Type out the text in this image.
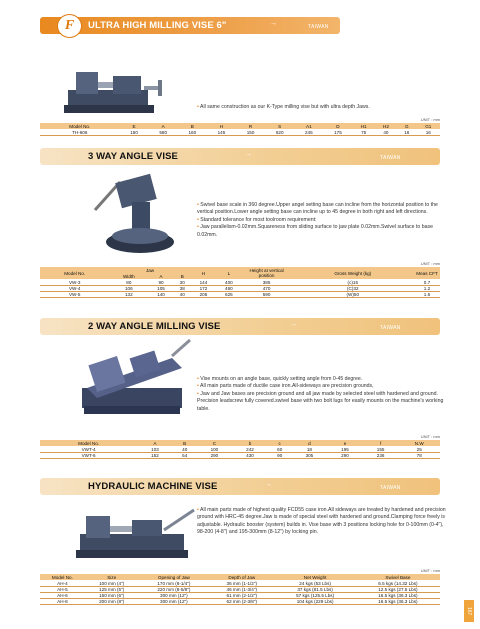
ULTRA HIGH MILLING VISE 6"	→	TAIWAN
F

• All same construction as our K-Type milling vise but with ultra depth Jaws.

UNIT : mm
Model No.	E	A	B	H	R	S	A1	D	H1	H2	G	G1
TH-606	150	580	160	145	150	620	245	175	75	40	16	16
3 WAY ANGLE VISE	→	TAIWAN

• Swivel base scale in 360 degree.Upper angel setting base can incline from the horizontal position to the vertical position.Lower angle setting base can incline up to 45 degree in both right and left directions.

• Standard tolerance for most toolroom requirement:

• Jaw parallelism-0.02mm.Squareness from sliding surface to jaw plate 0.02mm.Swivel surface to base 0.02mm.

UNIT : mm
Model No.	Jaw			H	L	Height at vertical position	Gross Weight (kg)	Meas CFT
	Width	A	B					
VW-3	80	90	30	144	400	385	(c)15	0.7
VW-4	106	105	38	172	460	470	(C)32	1.2
VW-5	132	140	40	205	625	590	(W)50	1.6
2 WAY ANGLE MILLING VISE	→	TAIWAN

• Vise mounts on an angle base, quickly setting angle from 0-45 degree.

• All main parts made of ductile case iron.All-sideways are precision grounds,

• Jaw and Jaw bases are precision ground and all jaw made by selected steel with hardened and ground. Precision leadscrew fully covered.swivel base with two bolt lugs for easily mounts on the machine's working table.

UNIT : mm
Model No.	A	B	C	b	c	d	e	f	N.W
VWT-4	103	40	100	242	60	18	195	155	25
VWT-6	152	54	290	430	90	305	290	236	78
HYDRAULIC MACHINE VISE	→	TAIWAN

• All main parts made of highest quality FCD55 case iron.All sideways are treated by hardened and precision ground with HRC-45 degree.Jaw is made of special steel with hardened and ground.Clamping force freely is adjustable. Hydraulic booster (system) builds in. Vise base with 3 positions locking hole for 0-100mm (0-4"), 98-200 (4-8") and 195-300mm (8-12") by locking pin.

UNIT : mm
Model No.	Size	Opening of Jaw	Depth of Jaw	Net Weight	Swivel Base
AH-4	100 mm (4")	170 mm (6-1/4")	36 mm (1-1/2")	24 kgs (53 Lbs)	6.5 kgs (14.32 Lbs)
AH-5	125 mm (5")	220 mm (8-5/8")	46 mm (1-3/4")	37 kgs (81.5 Lbs)	12.5 kgs (27.5 Lbs)
AH-6	150 mm (6")	300 mm (12")	61 mm (2-1/2")	57 kgs (125.5 Lbs)	16.5 kgs (36.3 Lbs)
AH-8	200 mm (8")	300 mm (12")	62 mm (2-3/8")	104 kgs (229 Lbs)	16.5 kgs (36.3 Lbs)
167
